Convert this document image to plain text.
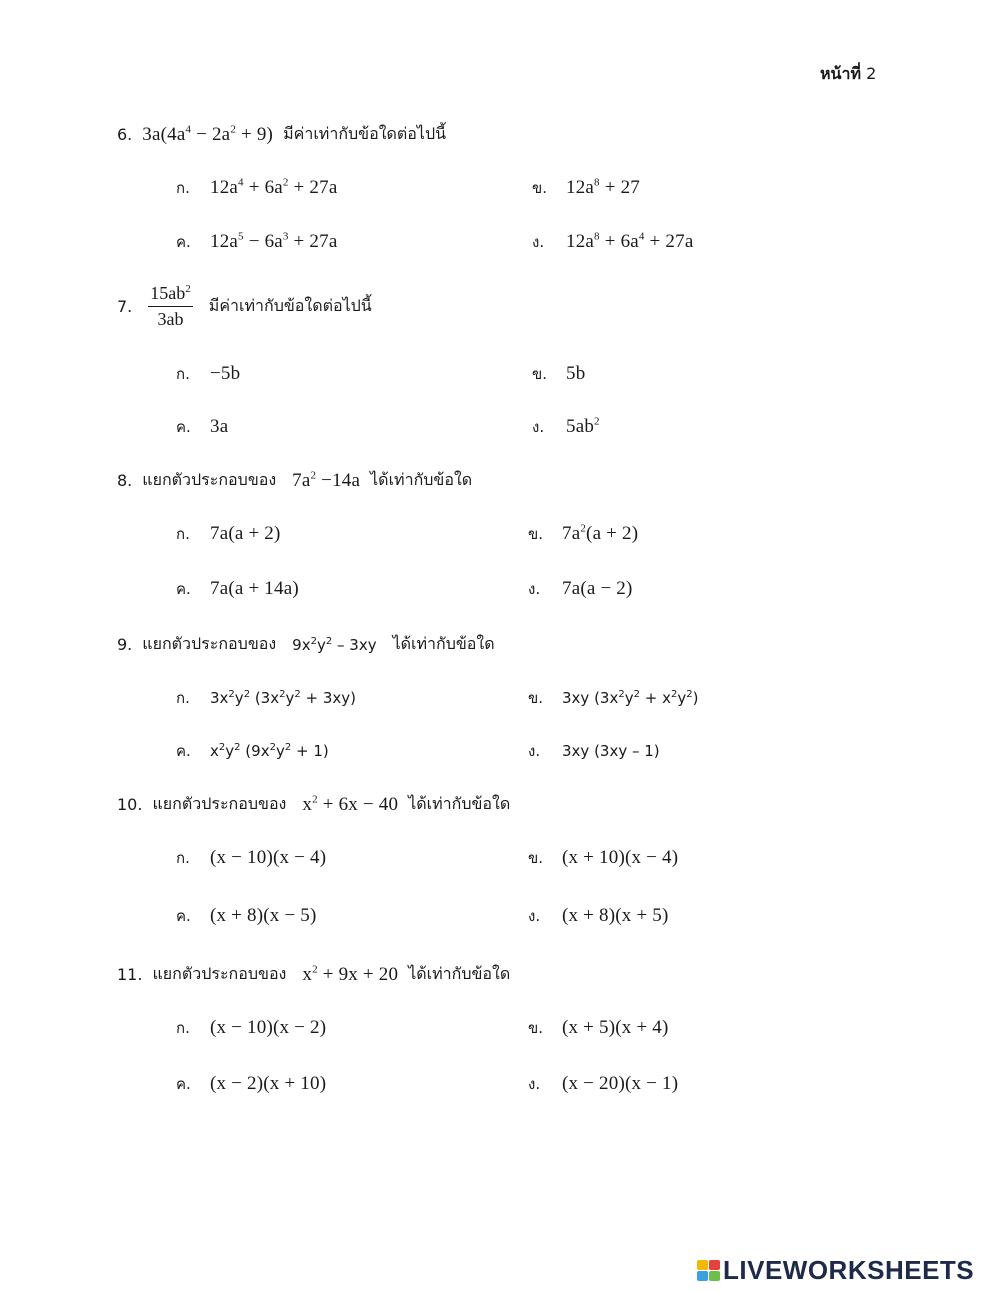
หน้าที่ 2
6. $3a(4a^4 - 2a^2 + 9)$ มีค่าเท่ากับข้อใดต่อไปนี้
ก.	$12a^4 + 6a^2 + 27a$	ข. $12a^8 + 27$
ค.	$12a^5 - 6a^3 + 27a$	ง.	$12a^8 + 6a^4 + 27a$
7. $\frac{15ab^2}{3ab}$ มีค่าเท่ากับข้อใดต่อไปนี้
ก.	−5b	ข. 5b
ค.	3a	ง.	$5ab^2$
8. แยกตัวประกอบของ $7a^2 -14a$ ได้เท่ากับข้อใด
ก.	7a(a + 2)	ข. $7a^2(a + 2)$
ค.	7a(a + 14a)	ง.	7a(a − 2)
9. แยกตัวประกอบของ $9x^2y^2 - 3xy$ ได้เท่ากับข้อใด
ก.	$3x^2y^2$ $(3x^2y^2 + 3xy)$	ข.	3xy $(3x^2y^2 + x^2y^2)$
ค.	$x^2y^2$ $(9x^2y^2 + 1)$	ง.	3xy (3xy – 1)
10. แยกตัวประกอบของ $x^2 + 6x - 40$ ได้เท่ากับข้อใด
ก.	(x − 10)(x − 4)	ข. (x + 10)(x − 4)
ค.	(x + 8)(x − 5)	ง.	(x + 8)(x + 5)
11. แยกตัวประกอบของ $x^2 + 9x + 20$ ได้เท่ากับข้อใด
ก.	(x − 10)(x − 2)	ข. (x + 5)(x + 4)
ค.	(x − 2)(x + 10)	ง.	(x − 20)(x − 1)
LIVEWORKSHEETS
